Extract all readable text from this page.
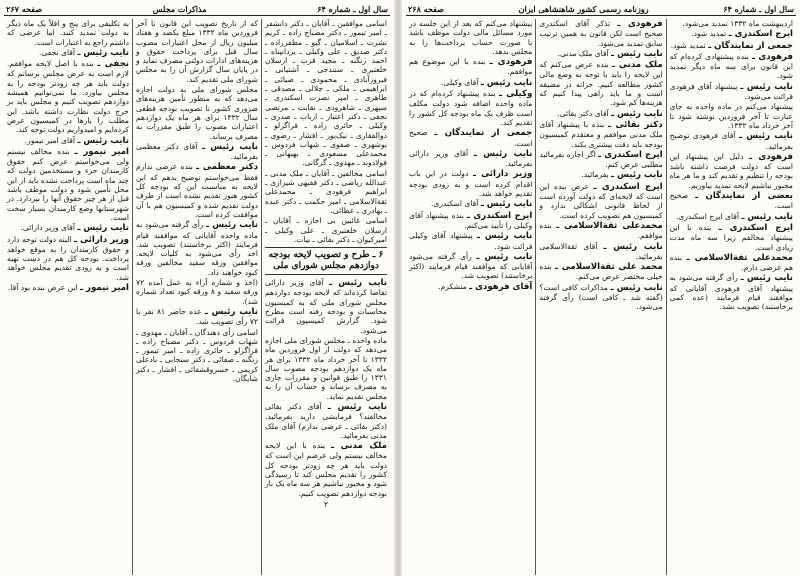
سال اول ـ شماره ۶۴
مذاکرات مجلس
صفحه ۲۶۷

اسامی موافقین ـ آقایان ـ دکتر دانشفر ـ امیر تیمور ـ دکتر مصباح زاده ـ کریم نشرت ـ اسلامیان ـ گیو ـ مظفرزاده ـ دکتر صدیق ـ علی وکیلی ـ یزدانپناه ـ احمد زنگنه ـ مجید قرب ـ ارسلان خلعتبری ـ سنندجی ـ آشتیانی ـ فیروزآبادی ـ محمودی ـ ضیائی ـ ابراهیمی ـ ملکی ـ جلالی ـ مصدقی ـ طاهری ـ امیر نصرت اسکندری ـ سپهری ـ شاهرودی ـ نقابت ـ مرتضی نجفی ـ دکتر اعتبار ـ ارباب ـ صدری ـ وکیلی ـ حائری زاده ـ قراگزلو ـ ذوالفقاری ـ نیک‌پور ـ افشار ـ رضوی ـ بوشهری ـ صفوی ـ شهاب فردوس ـ محمدعلی مسعودی ـ بهبهانی ـ فولادوند ـ مهدوی ـ گرگانی.

اسامی مخالفین ـ آقایان ـ ملک مدنی ـ عبدالله ریاضی ـ دکتر فقیهی شیرازی ـ ابراهیم فرهودی ـ محمدعلی ثقة‌الاسلامی ـ امیر حکمت ـ دکتر عبده ـ بهادری ـ عطائی.

اسامی غائبین بی اجازه ـ آقایان ـ ارسلان خلعتبری ـ علی وکیلی ـ امیرکیوان ـ دکتر بقائی ـ بیات.

۶ ـ طرح و تصویب لایحه بودجه دوازدهم مجلس شورای ملی

نایب رئیس ـ آقای وزیر دارائی تقاضا کرده‌اند که لایحه بودجه دوازدهم مجلس شورای ملی که به کمیسیون محاسبات و بودجه رفته است مطرح شود. گزارش کمیسیون قرائت می‌شود.

ماده واحده ـ مجلس شورای ملی اجازه می‌دهد که دولت از اول فروردین ماه ۱۳۳۲ تا آخر خرداد ماه ۱۳۳۲ برای هر ماه یک دوازدهم بودجه مصوب سال ۱۳۳۱ را طبق قوانین و مقررات جاری به مصرف برساند و حساب آن را به مجلس تقدیم نماید.

نایب رئیس ـ آقای دکتر بقائی مخالفند؟ فرمایشی دارید بفرمائید. (دکتر بقائی ـ عرضی ندارم) آقای ملک مدنی بفرمائید.

ملک مدنی ـ بنده با این لایحه مخالف نیستم ولی عرضم این است که دولت باید هر چه زودتر بودجه کل کشور را تقدیم مجلس کند تا رسیدگی شود و مجبور نباشیم هر سه ماه یک بار بودجه دوازدهم تصویب کنیم.

۲

که از تاریخ تصویب این قانون تا آخر فروردین ماه ۱۳۳۲ مبلغ یکصد و هفتاد میلیون ریال از محل اعتبارات مصوب سال قبل برای پرداخت حقوق و هزینه‌های ادارات دولتی مصرف نماید و در پایان سال گزارش آن را به مجلس شورای ملی تقدیم کند.

مجلس شورای ملی به دولت اجازه می‌دهد که به منظور تأمین هزینه‌های ضروری کشور تا تصویب بودجه قطعی سال ۱۳۳۲ برای هر ماه یک دوازدهم اعتبارات مصوب را طبق مقررات به مصرف برساند.

نایب رئیس ـ آقای دکتر معظمی بفرمائید.

دکتر معظمی ـ بنده عرضی ندارم فقط می‌خواستم توضیح بدهم که این لایحه به مناسبت این که بودجه کل کشور هنوز تقدیم نشده است از طرف دولت تقدیم شده و کمیسیون هم با آن موافقت کرده است.

نایب رئیس ـ رأی گرفته می‌شود به ماده واحده آقایانی که موافقند قیام فرمایند (اکثر برخاستند) تصویب شد. اخذ رأی می‌شود به کلیات لایحه. موافقین ورقه سفید مخالفین ورقه کبود خواهند داد.

(اخذ و شماره آراء به عمل آمده ۷۲ ورقه سفید و ۸ ورقه کبود تعداد شماره شد).

نایب رئیس ـ عده حاضر ۸۱ نفر با ۷۲ رأی تصویب شد.

اسامی رأی دهندگان ـ آقایان ـ مهدوی ـ شهاب فردوس ـ دکتر مصباح زاده ـ قراگزلو ـ حائری زاده ـ امیر تیمور ـ زنگنه ـ صفائی ـ دکتر سنجابی ـ نادعلی کریمی ـ خسروقشقائی ـ افشار ـ دکتر شایگان.

به تکلیفی برای پنج و اقلاً یک ماه دیگر به دولت تمدید کنند. اما عرضی که داشتم راجع به اعتبارات است.

نایب رئیس ـ آقای نجفی.

نجفی ـ بنده با اصل لایحه موافقم. لازم است به عرض مجلس برسانم که دولت باید هر چه زودتر بودجه را به مجلس بیاورد. ما نمی‌توانیم همیشه دوازدهم تصویب کنیم و مجلس باید بر خرج دولت نظارت داشته باشد. این مطلب را بارها در کمیسیون عرض کرده‌ایم و امیدواریم دولت توجه کند.

نایب رئیس ـ آقای امیر تیمور.

امیر تیمور ـ بنده مخالف نیستم ولی می‌خواستم عرض کنم حقوق کارمندان جزء و مستخدمین دولت که چند ماه است پرداخت نشده باید از این محل تأمین شود و دولت موظف باشد قبل از هر چیز حقوق آنها را بپردازد. در شهرستانها وضع کارمندان بسیار سخت است.

نایب رئیس ـ آقای وزیر دارائی.

وزیر دارائی ـ البته دولت توجه دارد و حقوق کارمندان را به موقع خواهد پرداخت. بودجه کل هم در دست تهیه است و به زودی تقدیم مجلس خواهد شد.

امیر تیمور ـ این عرض بنده بود آقا.

سال اول ـ شماره ۶۴
روزنامه رسمی کشور شاهنشاهی ایران
صفحه ۲۶۸

اردیبهشت ماه ۱۳۳۲ تمدید می‌شود.

ایرج اسکندری ـ تمدید شود.

جمعی از نمایندگان ـ تمدید شود.

فرهودی ـ بنده پیشنهادی کرده‌ام که این قانون برای سه ماه دیگر تمدید شود.

نایب رئیس ـ پیشنهاد آقای فرهودی قرائت می‌شود.

پیشنهاد می‌کنم در ماده واحده به جای عبارت تا آخر فروردین نوشته شود تا آخر خرداد ماه ۱۳۳۲.

نایب رئیس ـ آقای فرهودی توضیح بفرمائید.

فرهودی ـ دلیل این پیشنهاد این است که دولت فرصت داشته باشد بودجه را تنظیم و تقدیم کند و ما هر ماه مجبور نباشیم لایحه تمدید بیاوریم.

بعضی از نمایندگان ـ صحیح است.

نایب رئیس ـ آقای ایرج اسکندری.

ایرج اسکندری ـ بنده با این پیشنهاد مخالفم زیرا سه ماه مدت زیادی است.

محمدعلی ثقة‌الاسلامی ـ بنده هم عرضی دارم.

نایب رئیس ـ رأی گرفته می‌شود به پیشنهاد آقای فرهودی آقایانی که موافقند قیام فرمایند (عده کمی برخاستند) تصویب نشد.

فرهودی ـ تذکر آقای اسکندری صحیح است لکن قانون به همین ترتیب سابق تمدید می‌شود.

نایب رئیس ـ آقای ملک مدنی.

ملک مدنی ـ بنده عرض می‌کنم که این لایحه را باید با توجه به وضع مالی کشور مطالعه کنیم. خزانه در مضیقه است و ما باید راهی پیدا کنیم که هزینه‌ها کم شود.

نایب رئیس ـ آقای دکتر بقائی.

دکتر بقائی ـ بنده با پیشنهاد آقای ملک مدنی موافقم و معتقدم کمیسیون بودجه باید دقت بیشتری بکند.

ایرج اسکندری ـ اگر اجازه بفرمائید مطلبی عرض کنم.

نایب رئیس ـ بفرمائید.

ایرج اسکندری ـ عرض بنده این است که لایحه‌ای که دولت آورده است از لحاظ قانونی اشکالی ندارد و کمیسیون هم تصویب کرده است.

محمدعلی ثقة‌الاسلامی ـ بنده موافقم.

نایب رئیس ـ آقای ثقة‌الاسلامی بفرمائید.

محمد علی ثقة‌الاسلامی ـ بنده خیلی مختصر عرض می‌کنم.

نایب رئیس ـ مذاکرات کافی است؟ (گفته شد ـ کافی است) رأی گرفته می‌شود.

پیشنهاد می‌کنم که بعد از این جلسه در مورد مسائل مالی دولت موظف باشد تا صورت حساب پرداخت‌ها را به مجلس بدهد.

فرهودی ـ بنده با این موضوع هم موافقم.

نایب رئیس ـ آقای وکیلی.

وکیلی ـ بنده پیشنهاد کرده‌ام که در ماده واحده اضافه شود دولت مکلف است ظرف یک ماه بودجه کل کشور را تقدیم کند.

جمعی از نمایندگان ـ صحیح است.

نایب رئیس ـ آقای وزیر دارائی بفرمائید.

وزیر دارائی ـ دولت در این باب اقدام کرده است و به زودی بودجه تقدیم خواهد شد.

نایب رئیس ـ آقای اسکندری.

ایرج اسکندری ـ بنده پیشنهاد آقای وکیلی را تأیید می‌کنم.

نایب رئیس ـ پیشنهاد آقای وکیلی قرائت شود.

نایب رئیس ـ رأی گرفته می‌شود آقایانی که موافقند قیام فرمایند (اکثر برخاستند) تصویب شد.

آقای فرهودی ـ متشکرم.
